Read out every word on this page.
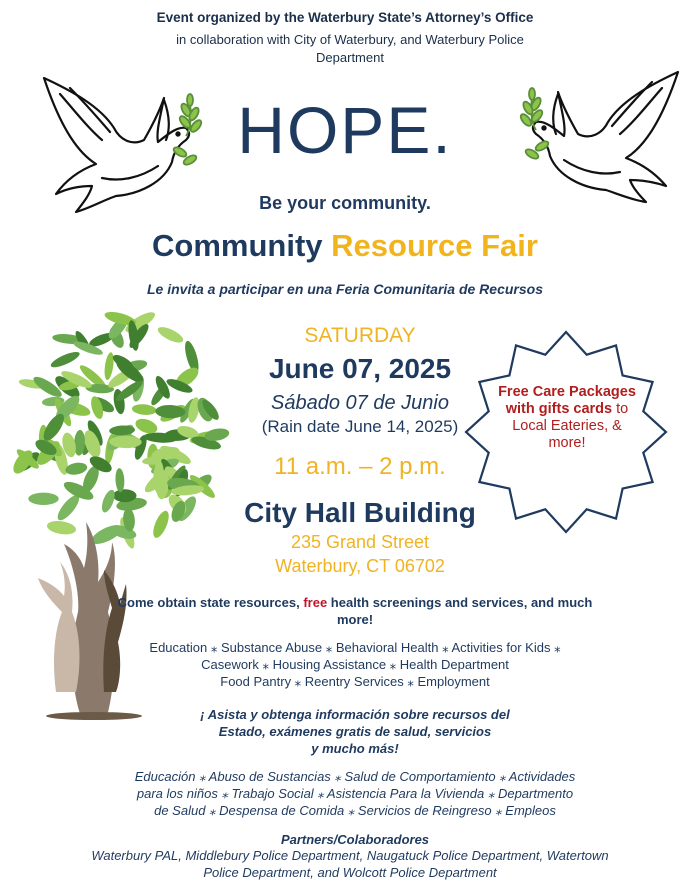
Event organized by the Waterbury State’s Attorney’s Office
in collaboration with City of Waterbury, and Waterbury Police Department
HOPE.
Be your community.
Community Resource Fair
Le invita a participar en una Feria Comunitaria de Recursos
SATURDAY
June 07, 2025
Sábado 07 de Junio
(Rain date June 14, 2025)
11 a.m. – 2 p.m.
City Hall Building
235 Grand Street
Waterbury, CT 06702
Free Care Packages with gifts cards to Local Eateries, & more!
Come obtain state resources, free health screenings and services, and much more!
Education ⁎ Substance Abuse ⁎ Behavioral Health ⁎ Activities for Kids ⁎
Casework ⁎ Housing Assistance ⁎ Health Department
Food Pantry ⁎ Reentry Services ⁎ Employment
¡ Asista y obtenga información sobre recursos del
Estado, exámenes gratis de salud, servicios
y mucho más!
Educación ⁎ Abuso de Sustancias ⁎ Salud de Comportamiento ⁎ Actividades
para los niños ⁎ Trabajo Social ⁎ Asistencia Para la Vivienda ⁎ Departmento
de Salud ⁎ Despensa de Comida ⁎ Servicios de Reingreso ⁎ Empleos
Partners/Colaboradores
Waterbury PAL, Middlebury Police Department, Naugatuck Police Department, Watertown
Police Department, and Wolcott Police Department
